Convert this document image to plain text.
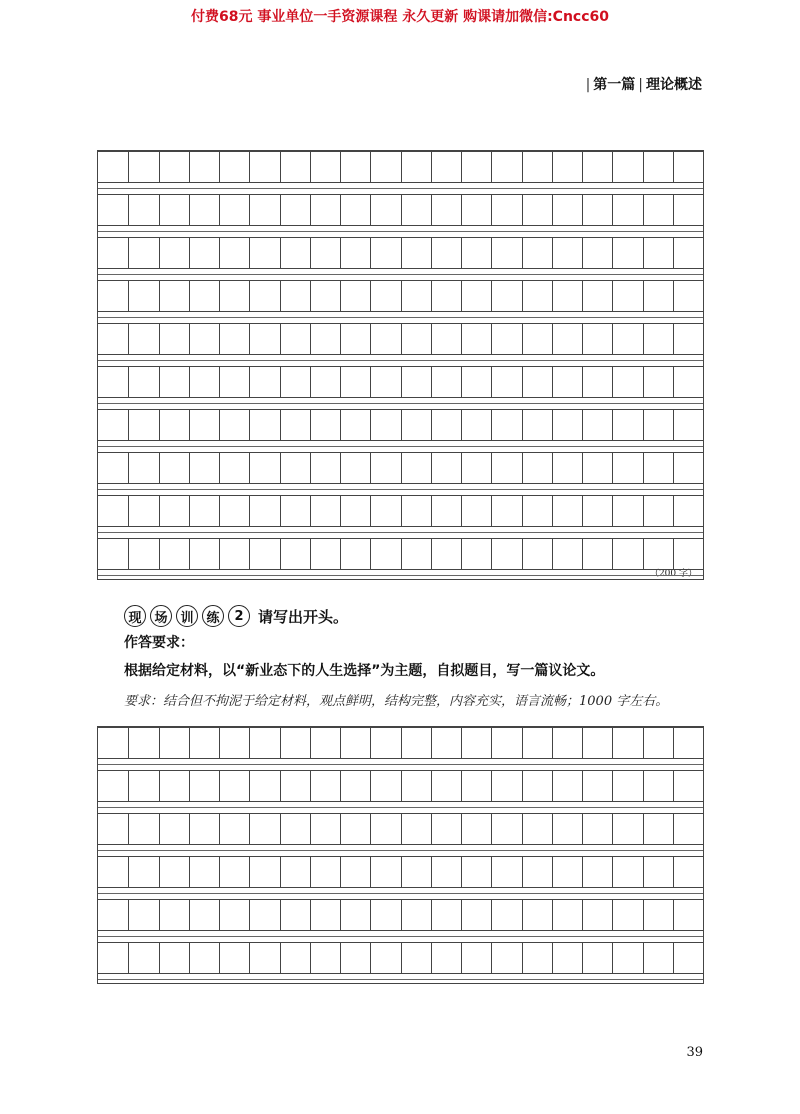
付费68元 事业单位一手资源课程 永久更新 购课请加微信:Cncc60
| 第一篇 | 理论概述
（200 字）
现 场 训 练	2 请写出开头。
作答要求：
根据给定材料，以“新业态下的人生选择”为主题，自拟题目，写一篇议论文。
要求：结合但不拘泥于给定材料，观点鲜明，结构完整，内容充实，语言流畅；1000 字左右。
39
